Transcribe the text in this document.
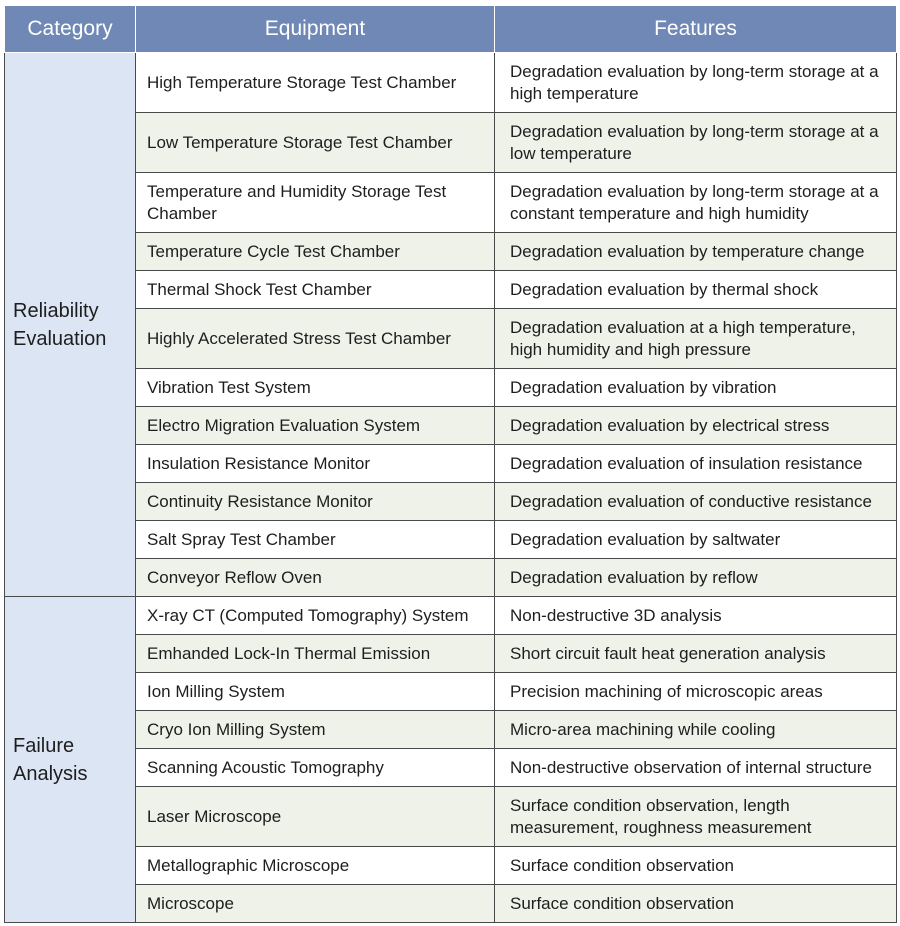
Category	Equipment	Features
Reliability
Evaluation	High Temperature Storage Test Chamber	Degradation evaluation by long-term storage at a high temperature
	Low Temperature Storage Test Chamber	Degradation evaluation by long-term storage at a low temperature
	Temperature and Humidity Storage Test Chamber	Degradation evaluation by long-term storage at a constant temperature and high humidity
	Temperature Cycle Test Chamber	Degradation evaluation by temperature change
	Thermal Shock Test Chamber	Degradation evaluation by thermal shock
	Highly Accelerated Stress Test Chamber	Degradation evaluation at a high temperature, high humidity and high pressure
	Vibration Test System	Degradation evaluation by vibration
	Electro Migration Evaluation System	Degradation evaluation by electrical stress
	Insulation Resistance Monitor	Degradation evaluation of insulation resistance
	Continuity Resistance Monitor	Degradation evaluation of conductive resistance
	Salt Spray Test Chamber	Degradation evaluation by saltwater
	Conveyor Reflow Oven	Degradation evaluation by reflow
Failure
Analysis	X-ray CT (Computed Tomography) System	Non-destructive 3D analysis
	Emhanded Lock-In Thermal Emission	Short circuit fault heat generation analysis
	Ion Milling System	Precision machining of microscopic areas
	Cryo Ion Milling System	Micro-area machining while cooling
	Scanning Acoustic Tomography	Non-destructive observation of internal structure
	Laser Microscope	Surface condition observation, length measurement, roughness measurement
	Metallographic Microscope	Surface condition observation
	Microscope	Surface condition observation
